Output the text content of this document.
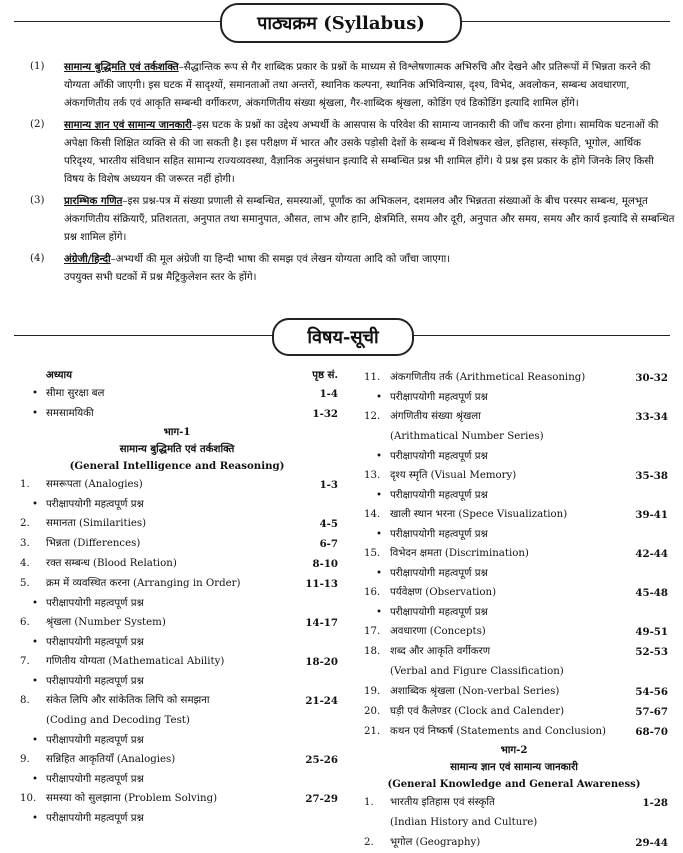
पाठ्यक्रम (Syllabus)
(1) सामान्य बुद्धिमति एवं तर्कशक्ति–सैद्धान्तिक रूप से गैर शाब्दिक प्रकार के प्रश्नों के माध्यम से विश्लेषणात्मक अभिरुचि और देखने और प्रतिरूपों में भिन्नता करने की योग्यता आँकी जाएगी। इस घटक में सादृश्यों, समानताओं तथा अन्तरों, स्थानिक कल्पना, स्थानिक अभिविन्यास, दृश्य, विभेद, अवलोकन, सम्बन्ध अवधारणा, अंकगणितीय तर्क एवं आकृति सम्बन्धी वर्गीकरण, अंकगणितीय संख्या श्रृंखला, गैर-शाब्दिक श्रृंखला, कोडिंग एवं डिकोडिंग इत्यादि शामिल होंगे।
(2) सामान्य ज्ञान एवं सामान्य जानकारी–इस घटक के प्रश्नों का उद्देश्य अभ्यर्थी के आसपास के परिवेश की सामान्य जानकारी की जाँच करना होगा। सामयिक घटनाओं की अपेक्षा किसी शिक्षित व्यक्ति से की जा सकती है। इस परीक्षण में भारत और उसके पड़ोसी देशों के सम्बन्ध में विशेषकर खेल, इतिहास, संस्कृति, भूगोल, आर्थिक परिदृश्य, भारतीय संविधान सहित सामान्य राज्यव्यवस्था, वैज्ञानिक अनुसंधान इत्यादि से सम्बन्धित प्रश्न भी शामिल होंगे। ये प्रश्न इस प्रकार के होंगे जिनके लिए किसी विषय के विशेष अध्ययन की जरूरत नहीं होगी।
(3) प्रारम्भिक गणित–इस प्रश्न-पत्र में संख्या प्रणाली से सम्बन्धित, समस्याओं, पूर्णांक का अभिकलन, दशमलव और भिन्नतता संख्याओं के बीच परस्पर सम्बन्ध, मूलभूत अंकगणितीय संक्रियाएँ, प्रतिशतता, अनुपात तथा समानुपात, औसत, लाभ और हानि, क्षेत्रमिति, समय और दूरी, अनुपात और समय, समय और कार्य इत्यादि से सम्बन्धित प्रश्न शामिल होंगे।
(4) अंग्रेजी/हिन्दी–अभ्यर्थी की मूल अंग्रेजी या हिन्दी भाषा की समझ एवं लेखन योग्यता आदि को जाँचा जाएगा।
उपयुक्त सभी घटकों में प्रश्न मैट्रिकुलेशन स्तर के होंगे।
विषय-सूची
अध्याय	पृष्ठ सं.
• सीमा सुरक्षा बल	1-4
• समसामयिकी	1-32
भाग-1
सामान्य बुद्धिमति एवं तर्कशक्ति
(General Intelligence and Reasoning)
1. समरूपता (Analogies)	1-3
• परीक्षापयोगी महत्वपूर्ण प्रश्न
2. समानता (Similarities)	4-5
3. भिन्नता (Differences)	6-7
4. रक्त सम्बन्ध (Blood Relation)	8-10
5. क्रम में व्यवस्थित करना (Arranging in Order)	11-13
• परीक्षापयोगी महत्वपूर्ण प्रश्न
6. श्रृंखला (Number System)	14-17
• परीक्षापयोगी महत्वपूर्ण प्रश्न
7. गणितीय योग्यता (Mathematical Ability)	18-20
• परीक्षापयोगी महत्वपूर्ण प्रश्न
8. संकेत लिपि और सांकेतिक लिपि को समझना	21-24
(Coding and Decoding Test)
• परीक्षापयोगी महत्वपूर्ण प्रश्न
9. सन्निहित आकृतियाँ (Analogies)	25-26
• परीक्षापयोगी महत्वपूर्ण प्रश्न
10. समस्या को सुलझाना (Problem Solving)	27-29
• परीक्षापयोगी महत्वपूर्ण प्रश्न
11. अंकगणितीय तर्क (Arithmetical Reasoning)	30-32
• परीक्षापयोगी महत्वपूर्ण प्रश्न
12. अंगणितीय संख्या श्रृंखला	33-34
(Arithmatical Number Series)
• परीक्षापयोगी महत्वपूर्ण प्रश्न
13. दृश्य स्मृति (Visual Memory)	35-38
• परीक्षापयोगी महत्वपूर्ण प्रश्न
14. खाली स्थान भरना (Spece Visualization)	39-41
• परीक्षापयोगी महत्वपूर्ण प्रश्न
15. विभेदन क्षमता (Discrimination)	42-44
• परीक्षापयोगी महत्वपूर्ण प्रश्न
16. पर्यवेक्षण (Observation)	45-48
• परीक्षापयोगी महत्वपूर्ण प्रश्न
17. अवधारणा (Concepts)	49-51
18. शब्द और आकृति वर्गीकरण	52-53
(Verbal and Figure Classification)
19. अशाब्दिक श्रृंखला (Non-verbal Series)	54-56
20. घड़ी एवं कैलेण्डर (Clock and Calender)	57-67
21. कथन एवं निष्कर्ष (Statements and Conclusion)	68-70
भाग-2
सामान्य ज्ञान एवं सामान्य जानकारी
(General Knowledge and General Awareness)
1. भारतीय इतिहास एवं संस्कृति	1-28
(Indian History and Culture)
2. भूगोल (Geography)	29-44
